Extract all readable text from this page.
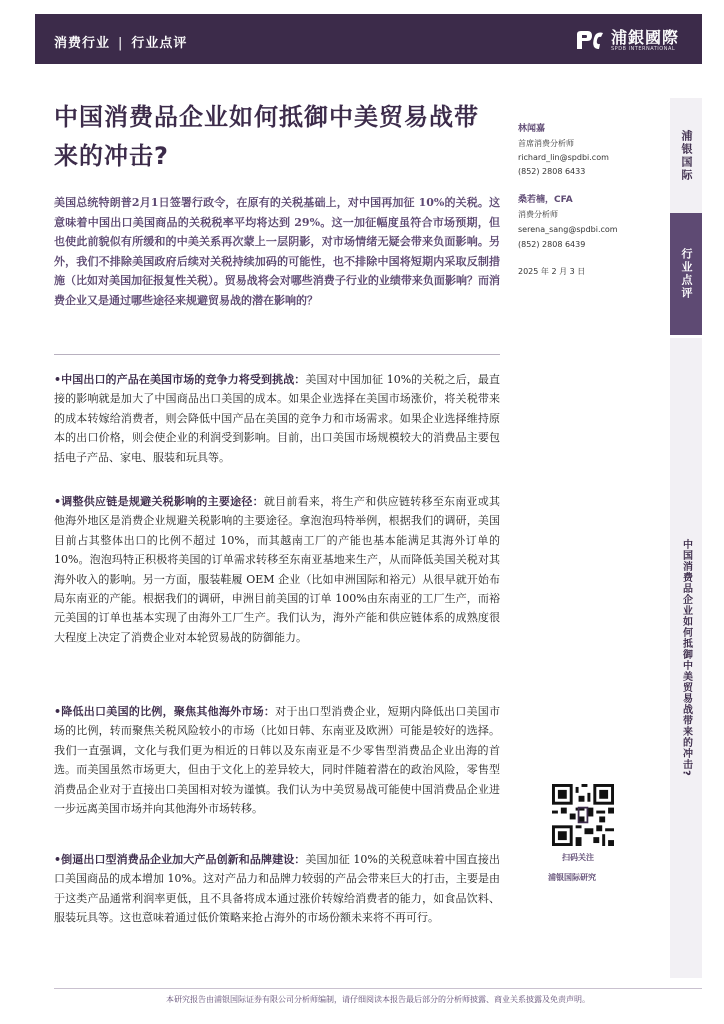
消费行业 | 行业点评	浦銀國際
SPDB INTERNATIONAL
中国消费品企业如何抵御中美贸易战带来的冲击?

美国总统特朗普2月1日签署行政令，在原有的关税基础上，对中国再加征 10%的关税。这意味着中国出口美国商品的关税税率平均将达到 29%。这一加征幅度虽符合市场预期，但也使此前貌似有所缓和的中美关系再次蒙上一层阴影，对市场情绪无疑会带来负面影响。另外，我们不排除美国政府后续对关税持续加码的可能性，也不排除中国将短期内采取反制措施（比如对美国加征报复性关税）。贸易战将会对哪些消费子行业的业绩带来负面影响？而消费企业又是通过哪些途径来规避贸易战的潜在影响的？

•中国出口的产品在美国市场的竞争力将受到挑战：美国对中国加征 10%的关税之后，最直接的影响就是加大了中国商品出口美国的成本。如果企业选择在美国市场涨价，将关税带来的成本转嫁给消费者，则会降低中国产品在美国的竞争力和市场需求。如果企业选择维持原本的出口价格，则会使企业的利润受到影响。目前，出口美国市场规模较大的消费品主要包括电子产品、家电、服装和玩具等。

•调整供应链是规避关税影响的主要途径：就目前看来，将生产和供应链转移至东南亚或其他海外地区是消费企业规避关税影响的主要途径。拿泡泡玛特举例，根据我们的调研，美国目前占其整体出口的比例不超过 10%，而其越南工厂的产能也基本能满足其海外订单的 10%。泡泡玛特正积极将美国的订单需求转移至东南亚基地来生产，从而降低美国关税对其海外收入的影响。另一方面，服装鞋履 OEM 企业（比如申洲国际和裕元）从很早就开始布局东南亚的产能。根据我们的调研，申洲目前美国的订单 100%由东南亚的工厂生产，而裕元美国的订单也基本实现了由海外工厂生产。我们认为，海外产能和供应链体系的成熟度很大程度上决定了消费企业对本轮贸易战的防御能力。

•降低出口美国的比例，聚焦其他海外市场：对于出口型消费企业，短期内降低出口美国市场的比例，转而聚焦关税风险较小的市场（比如日韩、东南亚及欧洲）可能是较好的选择。我们一直强调，文化与我们更为相近的日韩以及东南亚是不少零售型消费品企业出海的首选。而美国虽然市场更大，但由于文化上的差异较大，同时伴随着潜在的政治风险，零售型消费品企业对于直接出口美国相对较为谨慎。我们认为中美贸易战可能使中国消费品企业进一步远离美国市场并向其他海外市场转移。

•倒逼出口型消费品企业加大产品创新和品牌建设：美国加征 10%的关税意味着中国直接出口美国商品的成本增加 10%。这对产品力和品牌力较弱的产品会带来巨大的打击，主要是由于这类产品通常利润率更低，且不具备将成本通过涨价转嫁给消费者的能力，如食品饮料、服装玩具等。这也意味着通过低价策略来抢占海外的市场份额未来将不再可行。

林闻嘉
首席消费分析师
richard_lin@spdbi.com
(852) 2808 6433
桑若楠，CFA
消费分析师
serena_sang@spdbi.com
(852) 2808 6439
2025 年 2 月 3 日
扫码关注
浦银国际研究
浦银国际
行业点评
中国消费品企业如何抵御中美贸易战带来的冲击?
本研究报告由浦银国际证券有限公司分析师编制，请仔细阅读本报告最后部分的分析师披露、商业关系披露及免责声明。
